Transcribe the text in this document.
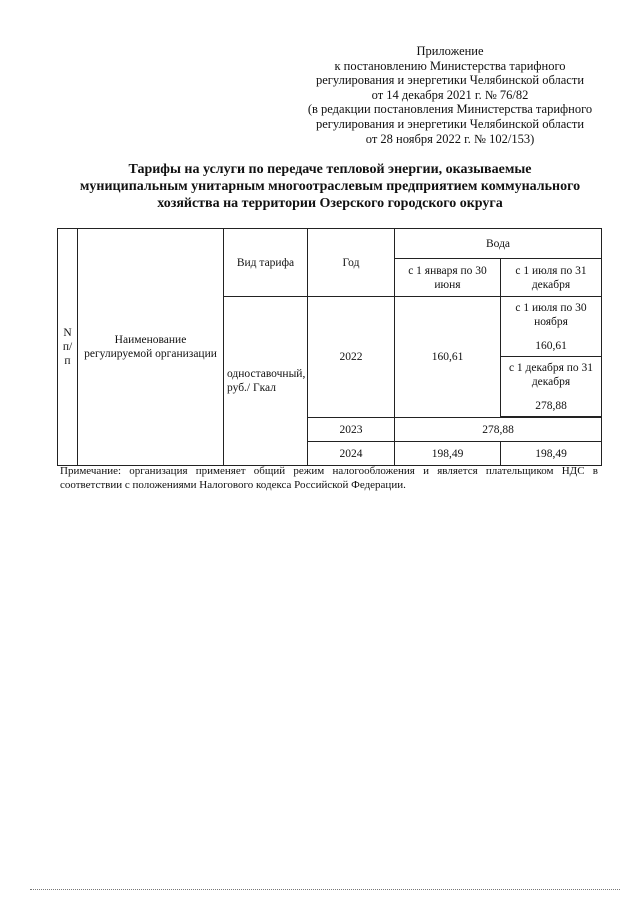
Приложение
к постановлению Министерства тарифного
регулирования и энергетики Челябинской области
от 14 декабря 2021 г. № 76/82
(в редакции постановления Министерства тарифного
регулирования и энергетики Челябинской области
от 28 ноября 2022 г. № 102/153)
Тарифы на услуги по передаче тепловой энергии, оказываемые
муниципальным унитарным многоотраслевым предприятием коммунального
хозяйства на территории Озерского городского округа
N п/п	Наименование регулируемой организации	Вид тарифа	Год	Вода	
				с 1 января по 30 июня	с 1 июля по 31 декабря

		одноставочный, руб./ Гкал	2022	160,61	с 1 июля по 30 ноября
160,61

					с 1 декабря по 31 декабря
278,88

			2023	278,88	
			2024	198,49	198,49
Примечание: организация применяет общий режим налогообложения и является плательщиком НДС в соответствии с положениями Налогового кодекса Российской Федерации.
